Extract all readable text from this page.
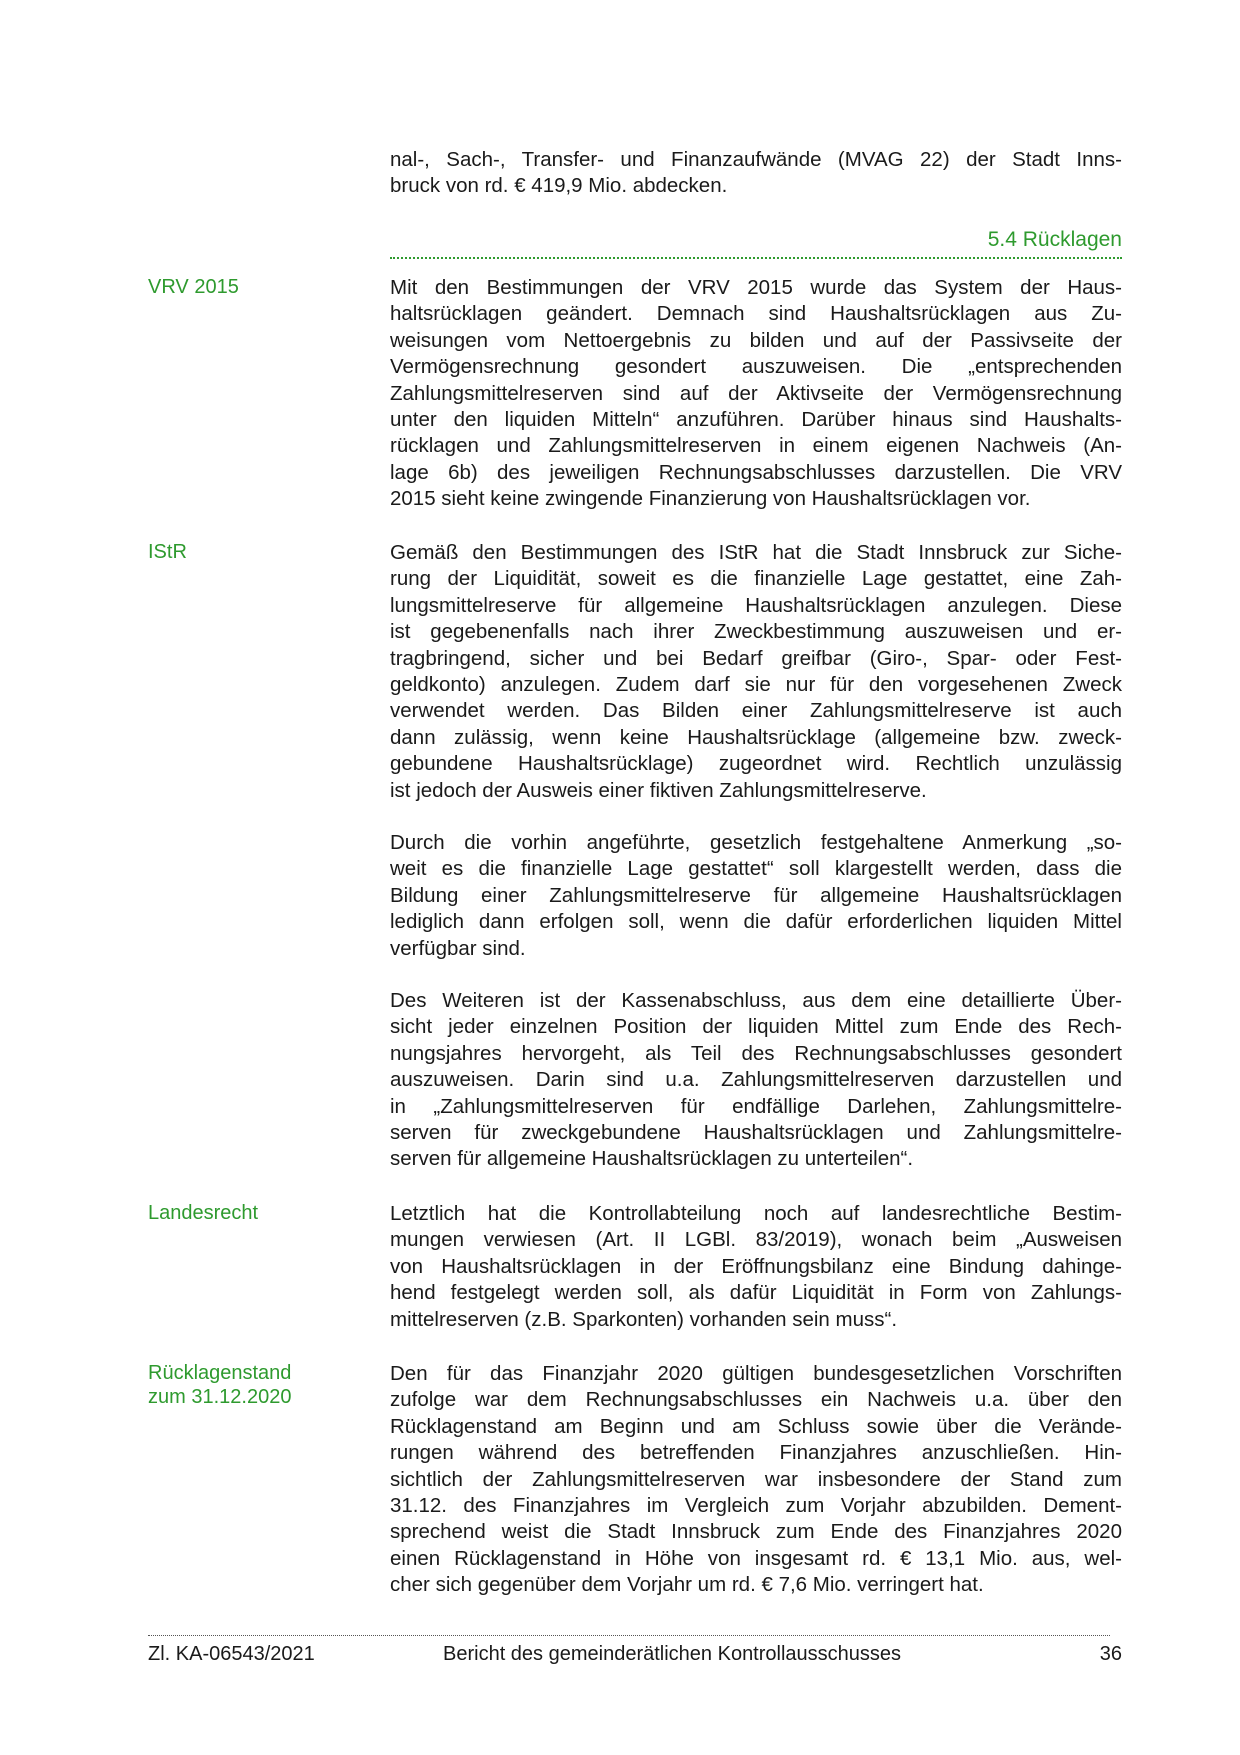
nal-, Sach-, Transfer- und Finanzaufwände (MVAG 22) der Stadt Inns-
bruck von rd. € 419,9 Mio. abdecken.
5.4 Rücklagen
VRV 2015	Mit den Bestimmungen der VRV 2015 wurde das System der Haus-
haltsrücklagen geändert. Demnach sind Haushaltsrücklagen aus Zu-
weisungen vom Nettoergebnis zu bilden und auf der Passivseite der
Vermögensrechnung gesondert auszuweisen. Die „entsprechenden
Zahlungsmittelreserven sind auf der Aktivseite der Vermögensrechnung
unter den liquiden Mitteln“ anzuführen. Darüber hinaus sind Haushalts-
rücklagen und Zahlungsmittelreserven in einem eigenen Nachweis (An-
lage 6b) des jeweiligen Rechnungsabschlusses darzustellen. Die VRV
2015 sieht keine zwingende Finanzierung von Haushaltsrücklagen vor.
IStR	Gemäß den Bestimmungen des IStR hat die Stadt Innsbruck zur Siche-
rung der Liquidität, soweit es die finanzielle Lage gestattet, eine Zah-
lungsmittelreserve für allgemeine Haushaltsrücklagen anzulegen. Diese
ist gegebenenfalls nach ihrer Zweckbestimmung auszuweisen und er-
tragbringend, sicher und bei Bedarf greifbar (Giro-, Spar- oder Fest-
geldkonto) anzulegen. Zudem darf sie nur für den vorgesehenen Zweck
verwendet werden. Das Bilden einer Zahlungsmittelreserve ist auch
dann zulässig, wenn keine Haushaltsrücklage (allgemeine bzw. zweck-
gebundene Haushaltsrücklage) zugeordnet wird. Rechtlich unzulässig
ist jedoch der Ausweis einer fiktiven Zahlungsmittelreserve.
Durch die vorhin angeführte, gesetzlich festgehaltene Anmerkung „so-
weit es die finanzielle Lage gestattet“ soll klargestellt werden, dass die
Bildung einer Zahlungsmittelreserve für allgemeine Haushaltsrücklagen
lediglich dann erfolgen soll, wenn die dafür erforderlichen liquiden Mittel
verfügbar sind.
Des Weiteren ist der Kassenabschluss, aus dem eine detaillierte Über-
sicht jeder einzelnen Position der liquiden Mittel zum Ende des Rech-
nungsjahres hervorgeht, als Teil des Rechnungsabschlusses gesondert
auszuweisen. Darin sind u.a. Zahlungsmittelreserven darzustellen und
in „Zahlungsmittelreserven für endfällige Darlehen, Zahlungsmittelre-
serven für zweckgebundene Haushaltsrücklagen und Zahlungsmittelre-
serven für allgemeine Haushaltsrücklagen zu unterteilen“.
Landesrecht	Letztlich hat die Kontrollabteilung noch auf landesrechtliche Bestim-
mungen verwiesen (Art. II LGBl. 83/2019), wonach beim „Ausweisen
von Haushaltsrücklagen in der Eröffnungsbilanz eine Bindung dahinge-
hend festgelegt werden soll, als dafür Liquidität in Form von Zahlungs-
mittelreserven (z.B. Sparkonten) vorhanden sein muss“.
Rücklagenstand
zum 31.12.2020
Den für das Finanzjahr 2020 gültigen bundesgesetzlichen Vorschriften
zufolge war dem Rechnungsabschlusses ein Nachweis u.a. über den
Rücklagenstand am Beginn und am Schluss sowie über die Verände-
rungen während des betreffenden Finanzjahres anzuschließen. Hin-
sichtlich der Zahlungsmittelreserven war insbesondere der Stand zum
31.12. des Finanzjahres im Vergleich zum Vorjahr abzubilden. Dement-
sprechend weist die Stadt Innsbruck zum Ende des Finanzjahres 2020
einen Rücklagenstand in Höhe von insgesamt rd. € 13,1 Mio. aus, wel-
cher sich gegenüber dem Vorjahr um rd. € 7,6 Mio. verringert hat.
Zl. KA-06543/2021	Bericht des gemeinderätlichen Kontrollausschusses	36
